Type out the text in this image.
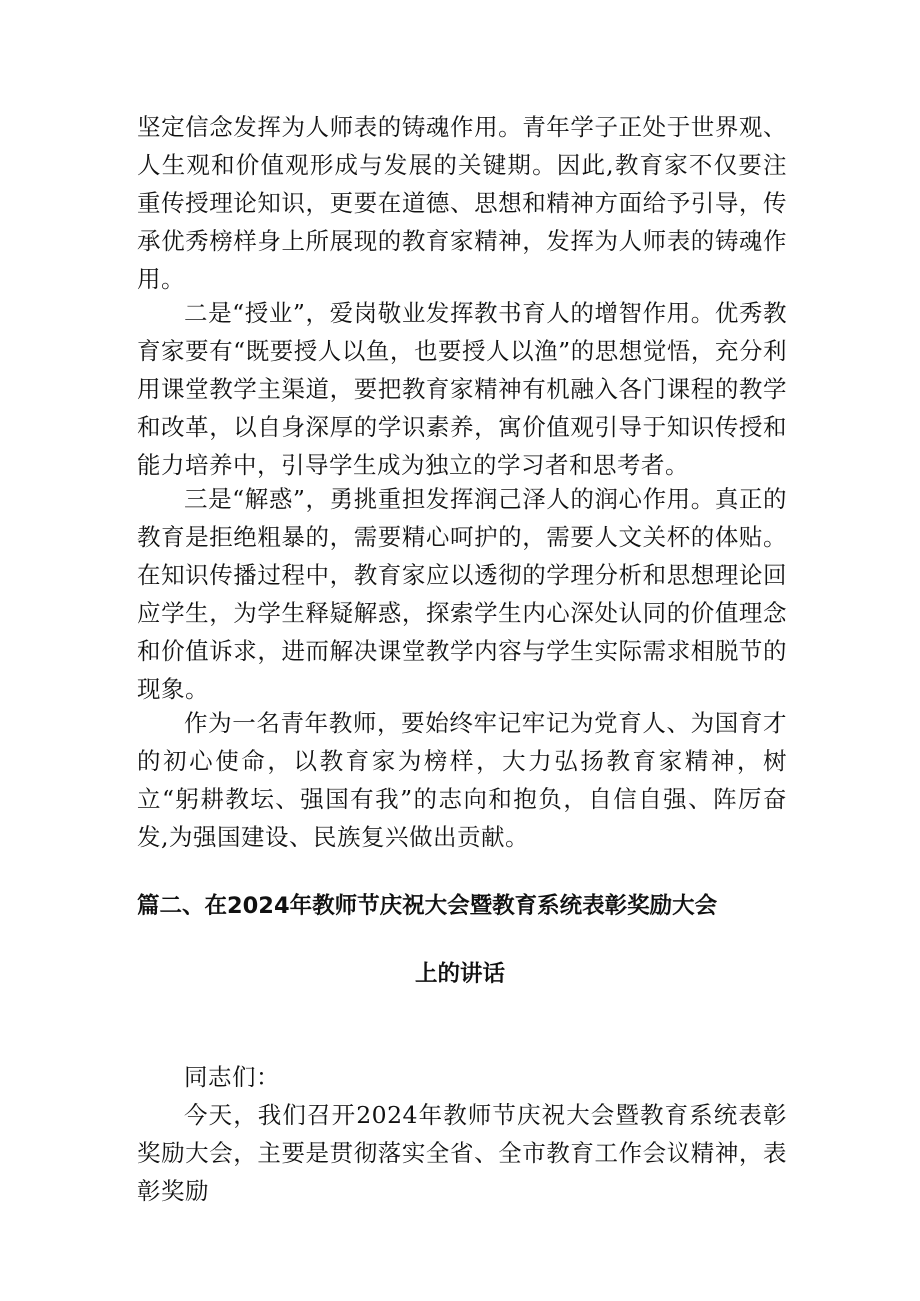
坚定信念发挥为人师表的铸魂作用。青年学子正处于世界观、人生观和价值观形成与发展的关键期。因此,教育家不仅要注重传授理论知识，更要在道德、思想和精神方面给予引导，传承优秀榜样身上所展现的教育家精神，发挥为人师表的铸魂作用。

二是“授业”，爱岗敬业发挥教书育人的增智作用。优秀教育家要有“既要授人以鱼，也要授人以渔”的思想觉悟，充分利用课堂教学主渠道，要把教育家精神有机融入各门课程的教学和改革，以自身深厚的学识素养，寓价值观引导于知识传授和能力培养中，引导学生成为独立的学习者和思考者。

三是“解惑”，勇挑重担发挥润己泽人的润心作用。真正的教育是拒绝粗暴的，需要精心呵护的，需要人文关杯的体贴。在知识传播过程中，教育家应以透彻的学理分析和思想理论回应学生，为学生释疑解惑，探索学生内心深处认同的价值理念和价值诉求，进而解决课堂教学内容与学生实际需求相脱节的现象。

作为一名青年教师，要始终牢记牢记为党育人、为国育才的初心使命，以教育家为榜样，大力弘扬教育家精神，树立“躬耕教坛、强国有我”的志向和抱负，自信自强、阵厉奋发,为强国建设、民族复兴做出贡献。

篇二、在2024年教师节庆祝大会暨教育系统表彰奖励大会
上的讲话

同志们：

今天，我们召开2024年教师节庆祝大会暨教育系统表彰奖励大会，主要是贯彻落实全省、全市教育工作会议精神，表彰奖励
